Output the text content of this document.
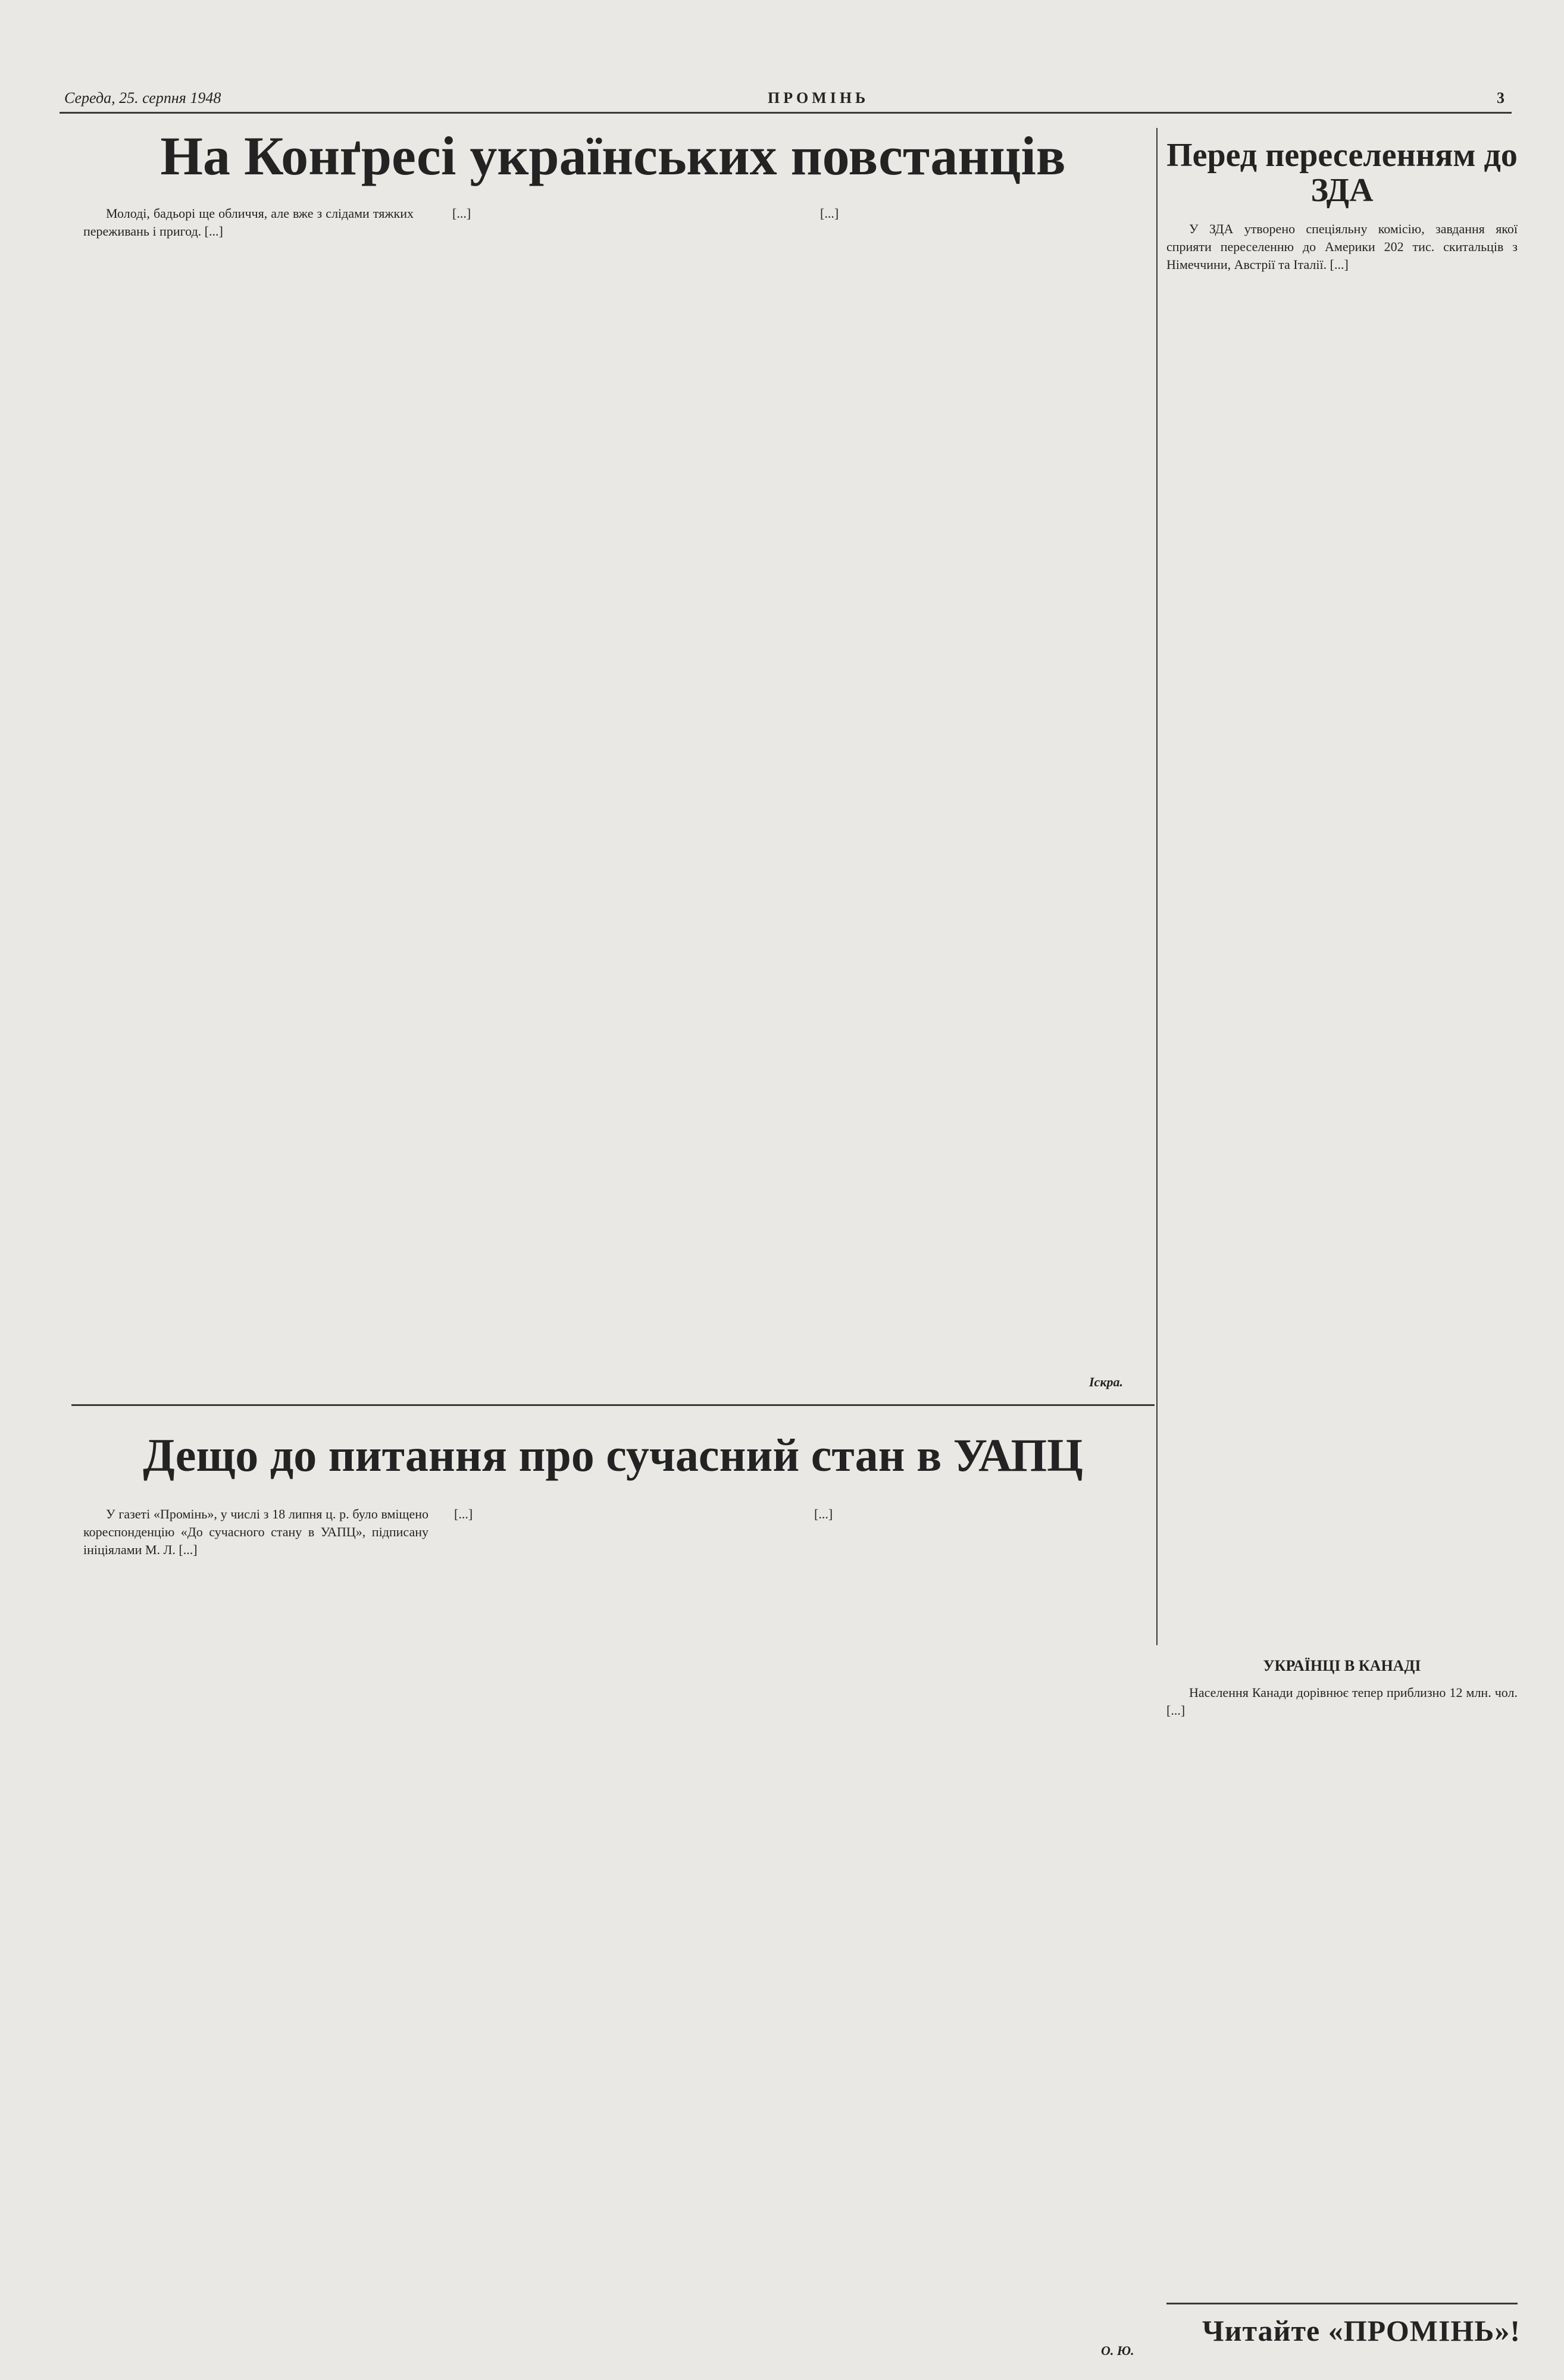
Середа, 25. серпня 1948	ПРОМІНЬ	3
На Конґресі українських повстанців

Молоді, бадьорі ще обличчя, але вже з слідами тяжких переживань і пригод. [...]

[...]	[...]

Іскра.
Перед переселенням до ЗДА

У ЗДА утворено спеціяльну комісію, завдання якої сприяти переселенню до Америки 202 тис. скитальців з Німеччини, Австрії та Італії. [...]

Дещо до питання про сучасний стан в УАПЦ

У газеті «Промінь», у числі з 18 липня ц. р. було вміщено кореспонденцію «До сучасного стану в УАПЦ», підписану ініціялами М. Л. [...]

[...]	[...]

О. Ю.
УКРАЇНЦІ В КАНАДІ

Населення Канади дорівнює тепер приблизно 12 млн. чол. [...]

Читайте «ПРОМІНЬ»!
